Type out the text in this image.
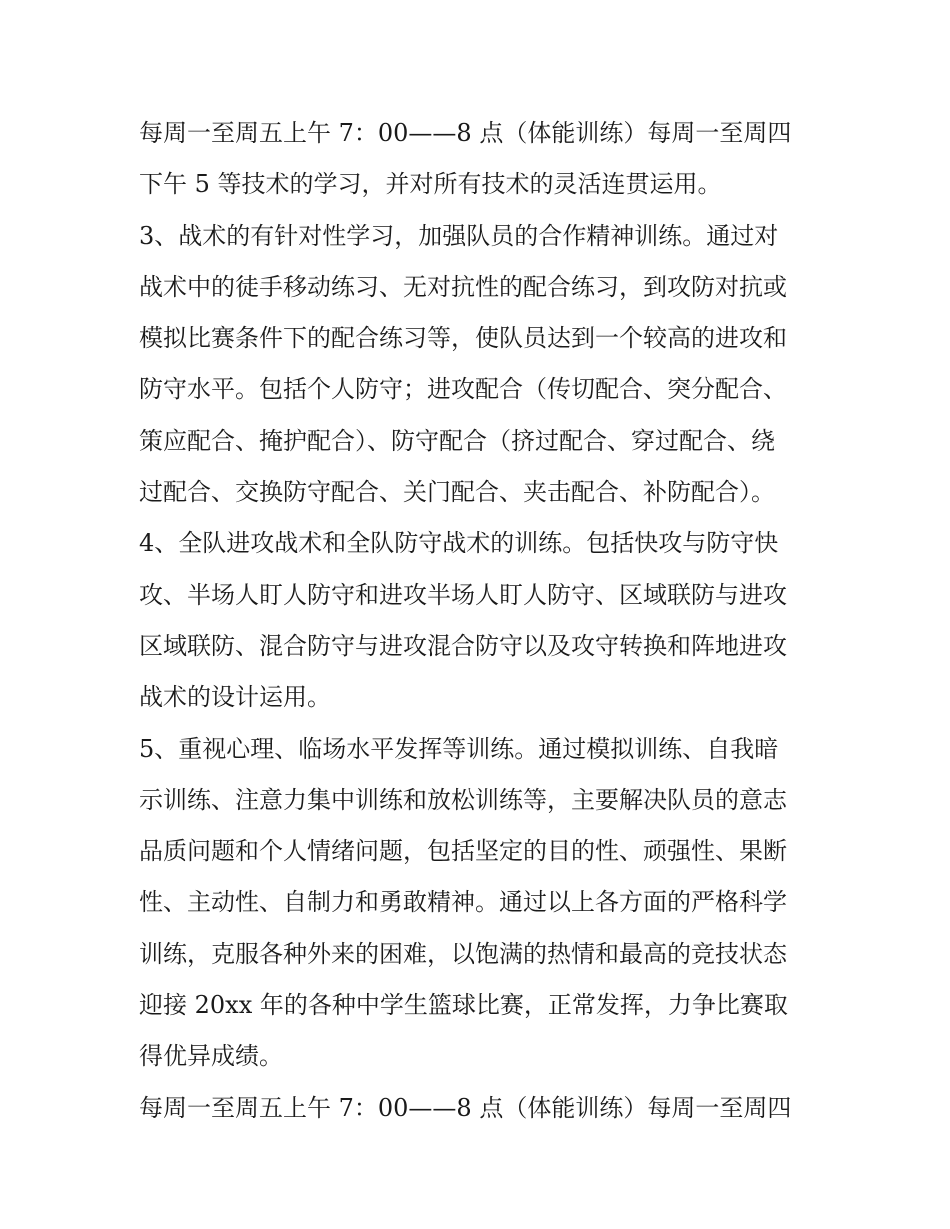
每周一至周五上午 7：00——8 点（体能训练）每周一至周四
下午 5 等技术的学习，并对所有技术的灵活连贯运用。
3、战术的有针对性学习，加强队员的合作精神训练。通过对
战术中的徒手移动练习、无对抗性的配合练习，到攻防对抗或
模拟比赛条件下的配合练习等，使队员达到一个较高的进攻和
防守水平。包括个人防守；进攻配合（传切配合、突分配合、
策应配合、掩护配合）、防守配合（挤过配合、穿过配合、绕
过配合、交换防守配合、关门配合、夹击配合、补防配合）。
4、全队进攻战术和全队防守战术的训练。包括快攻与防守快
攻、半场人盯人防守和进攻半场人盯人防守、区域联防与进攻
区域联防、混合防守与进攻混合防守以及攻守转换和阵地进攻
战术的设计运用。
5、重视心理、临场水平发挥等训练。通过模拟训练、自我暗
示训练、注意力集中训练和放松训练等，主要解决队员的意志
品质问题和个人情绪问题，包括坚定的目的性、顽强性、果断
性、主动性、自制力和勇敢精神。通过以上各方面的严格科学
训练，克服各种外来的困难，以饱满的热情和最高的竞技状态
迎接 20xx 年的各种中学生篮球比赛，正常发挥，力争比赛取
得优异成绩。
每周一至周五上午 7：00——8 点（体能训练）每周一至周四
